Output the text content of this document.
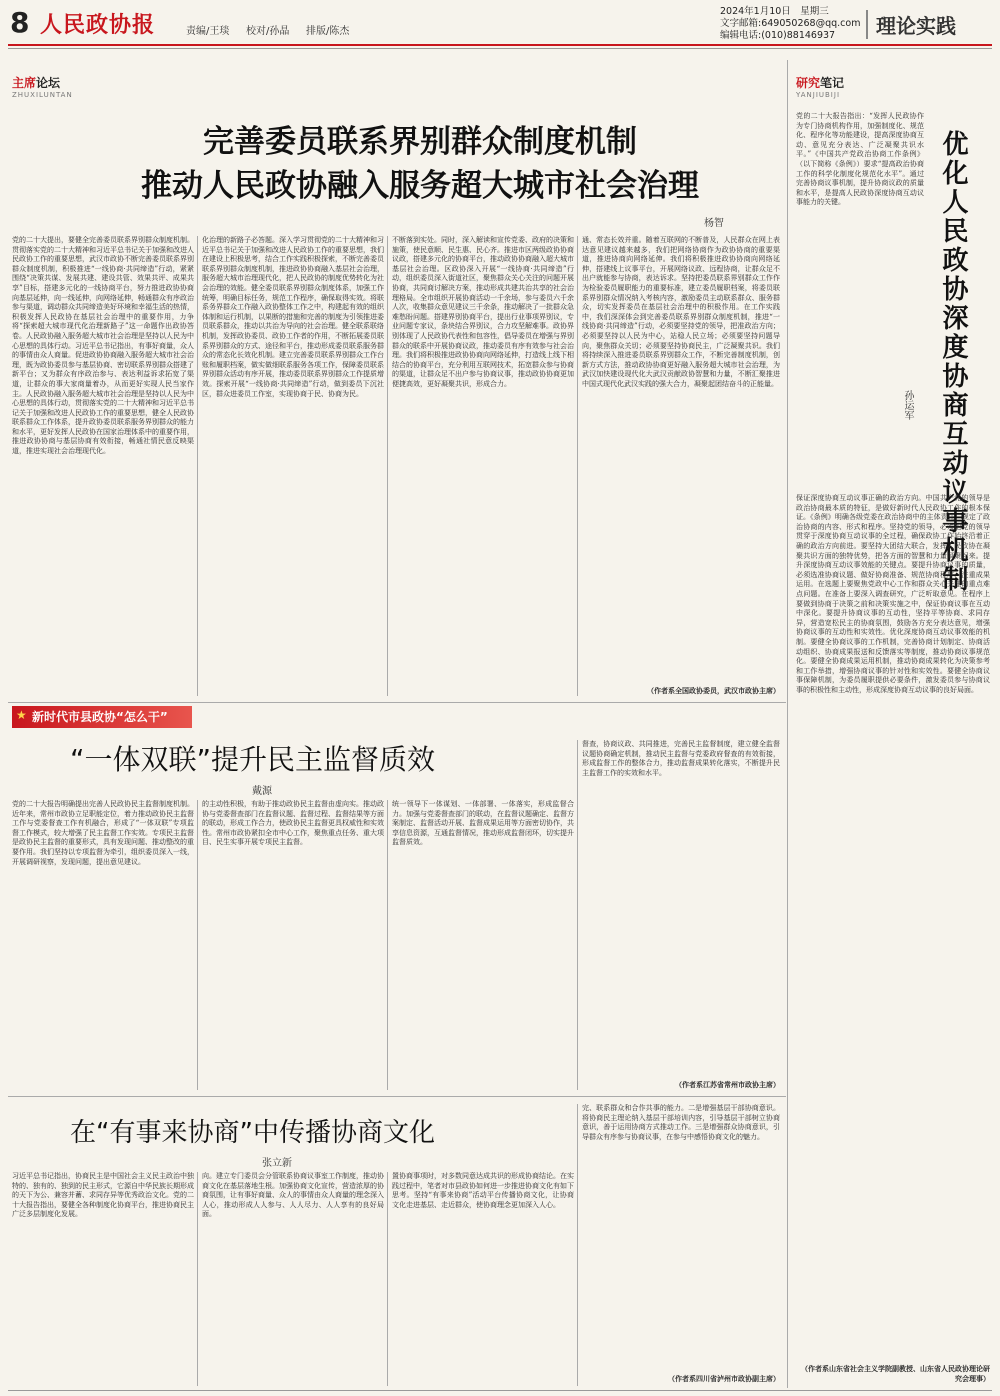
8 人民政协报	责编/王琰 校对/孙晶 排版/陈杰
2024年1月10日　星期三
文字邮箱:649050268@qq.com
编辑电话:(010)88146937	理论实践
主席论坛
ZHUXILUNTAN
研究笔记
YANJIUBIJI
完善委员联系界别群众制度机制
推动人民政协融入服务超大城市社会治理
杨智
党的二十大提出，要健全完善委员联系界别群众制度机制。贯彻落实党的二十大精神和习近平总书记关于加强和改进人民政协工作的重要思想，武汉市政协不断完善委员联系界别群众制度机制，积极推进“一线协商·共同缔造”行动，紧紧围绕“决策共谋、发展共建、建设共管、效果共评、成果共享”目标，搭建多元化的一线协商平台，努力推进政协协商向基层延伸，向一线延伸，向网络延伸，畅通群众有序政治参与渠道，调动群众共同缔造美好环境和幸福生活的热情，积极发挥人民政协在基层社会治理中的重要作用，力争将“探索超大城市现代化治理新路子”这一命题作出政协答卷。人民政协融入服务超大城市社会治理是坚持以人民为中心思想的具体行动。习近平总书记指出，有事好商量，众人的事情由众人商量。促进政协协商融入服务超大城市社会治理，既为政协委员参与基层协商、密切联系界别群众搭建了新平台；又为群众有序政治参与、表达利益诉求拓宽了渠道，让群众的事大家商量着办，从而更好实现人民当家作主。人民政协融入服务超大城市社会治理是坚持以人民为中心思想的具体行动，贯彻落实党的二十大精神和习近平总书记关于加强和改进人民政协工作的重要思想，健全人民政协联系群众工作体系，提升政协委员联系服务界别群众的能力和水平，更好发挥人民政协在国家治理体系中的重要作用，推进政协协商与基层协商有效衔接，畅通社情民意反映渠道，推进实现社会治理现代化。
化治理的新路子必答题。深入学习贯彻党的二十大精神和习近平总书记关于加强和改进人民政协工作的重要思想，我们在建设上积极思考，结合工作实践积极探索，不断完善委员联系界别群众制度机制，推进政协协商融入基层社会治理，服务超大城市治理现代化，把人民政协的制度优势转化为社会治理的效能。健全委员联系界别群众制度体系，加强工作统筹，明确目标任务，规范工作程序，确保取得实效。将联系务界群众工作融入政协整体工作之中，构建起有效的组织体制和运行机制，以果断的措施和完善的制度为引领推进委员联系群众，推动以共治为导向的社会治理。健全联系联络机制，发挥政协委员、政协工作者的作用，不断拓展委员联系界别群众的方式、途径和平台，推动形成委员联系服务群众的常态化长效化机制。建立完善委员联系界别群众工作台账和履职档案，做实做细联系服务各项工作，保障委员联系界别群众活动有序开展，推动委员联系界别群众工作提质增效。探索开展“一线协商·共同缔造”行动，做到委员下沉社区，群众进委员工作室，实现协商于民、协商为民。
不断落到实处。同时，深入解读和宣传党委、政府的决策和施策，使民意顺、民生惠、民心齐。推进市区两级政协协商议政，搭建多元化的协商平台，推动政协协商融入超大城市基层社会治理。区政协深入开展“一线协商·共同缔造”行动，组织委员深入街道社区，聚焦群众关心关注的问题开展协商，共同商讨解决方案，推动形成共建共治共享的社会治理格局。全市组织开展协商活动一千余场，参与委员六千余人次，收集群众意见建议三千余条，推动解决了一批群众急难愁盼问题。搭建界别协商平台，提出行业事项界别议，专业问题专家议，条块结合界别议，合力攻坚解难事。政协界别体现了人民政协代表性和包容性，倡导委员在增强与界别群众的联系中开展协商议政，推动委员有序有效参与社会治理。我们将积极推进政协协商向网络延伸，打造线上线下相结合的协商平台，充分利用互联网技术，拓宽群众参与协商的渠道，让群众足不出户参与协商议事，推动政协协商更加便捷高效，更好凝聚共识，形成合力。
通、常态长效并重。随着互联网的不断普及，人民群众在网上表达意见建议越来越多，我们把网络协商作为政协协商的重要渠道，推进协商向网络延伸。我们将积极推进政协协商向网络延伸，搭建线上议事平台，开展网络议政、远程协商，让群众足不出户就能参与协商，表达诉求。坚持把委员联系界别群众工作作为检验委员履职能力的重要标准，建立委员履职档案，将委员联系界别群众情况纳入考核内容，激励委员主动联系群众、服务群众，切实发挥委员在基层社会治理中的积极作用。在工作实践中，我们深深体会到完善委员联系界别群众制度机制，推进“一线协商·共同缔造”行动，必须要坚持党的领导，把准政治方向；必须要坚持以人民为中心，站稳人民立场；必须要坚持问题导向，聚焦群众关切；必须要坚持协商民主，广泛凝聚共识。我们将持续深入推进委员联系界别群众工作，不断完善制度机制，创新方式方法，推动政协协商更好融入服务超大城市社会治理，为武汉加快建设现代化大武汉贡献政协智慧和力量，不断汇聚推进中国式现代化武汉实践的强大合力，凝聚起团结奋斗的正能量。
（作者系全国政协委员，武汉市政协主席）
优化人民政协深度协商互动议事机制
孙运军
党的二十大报告指出：“发挥人民政协作为专门协商机构作用，加强制度化、规范化、程序化等功能建设，提高深度协商互动、意见充分表达、广泛凝聚共识水平。”《中国共产党政治协商工作条例》（以下简称《条例》）要求“提高政治协商工作的科学化制度化规范化水平”。通过完善协商议事机制，提升协商议政的质量和水平，是提高人民政协深度协商互动议事能力的关键。
保证深度协商互动议事正确的政治方向。中国共产党的领导是政治协商最本质的特征，是做好新时代人民政协工作的根本保证。《条例》明确各级党委在政治协商中的主体责任，规定了政治协商的内容、形式和程序。坚持党的领导，必须把党的领导贯穿于深度协商互动议事的全过程，确保政协工作始终沿着正确的政治方向前进。要坚持大团结大联合，发挥人民政协在凝聚共识方面的独特优势，把各方面的智慧和力量凝聚起来。提升深度协商互动议事效能的关键点。要提升协商议事的质量，必须选准协商议题、做好协商准备、规范协商程序、注重成果运用。在选题上要聚焦党政中心工作和群众关心关注的重点难点问题。在准备上要深入调查研究，广泛听取意见。在程序上要做到协商于决策之前和决策实施之中，保证协商议事在互动中深化。要提升协商议事的互动性，坚持平等协商、求同存异，营造宽松民主的协商氛围，鼓励各方充分表达意见，增强协商议事的互动性和实效性。优化深度协商互动议事效能的机制。要健全协商议事的工作机制，完善协商计划制定、协商活动组织、协商成果报送和反馈落实等制度，推动协商议事规范化。要健全协商成果运用机制，推动协商成果转化为决策参考和工作举措，增强协商议事的针对性和实效性。要健全协商议事保障机制，为委员履职提供必要条件，激发委员参与协商议事的积极性和主动性，形成深度协商互动议事的良好局面。
（作者系山东省社会主义学院副教授、山东省人民政协理论研究会理事）
★ 新时代市县政协“怎么干”
“一体双联”提升民主监督质效
戴源
党的二十大报告明确提出完善人民政协民主监督制度机制。近年来，常州市政协立足职能定位，着力推动政协民主监督工作与党委督查工作有机融合，形成了“一体双联”专项监督工作模式，较大增强了民主监督工作实效。专项民主监督是政协民主监督的重要形式，具有发现问题、推动整改的重要作用。我们坚持以专项监督为牵引，组织委员深入一线，开展调研视察，发现问题，提出意见建议。
的主动性积极，有助于推动政协民主监督由虚向实。推动政协与党委督查部门在监督议题、监督过程、监督结果等方面的联动，形成工作合力，使政协民主监督更具权威性和实效性。常州市政协紧扣全市中心工作，聚焦重点任务、重大项目、民生实事开展专项民主监督。
统一领导下一体谋划、一体部署、一体落实，形成监督合力。加强与党委督查部门的联动，在监督议题确定、监督方案制定、监督活动开展、监督成果运用等方面密切协作，共享信息资源，互通监督情况，推动形成监督闭环，切实提升监督质效。
督查，协商议政、共同推进，完善民主监督制度，建立健全监督议题协商确定机制，推动民主监督与党委政府督查的有效衔接，形成监督工作的整体合力，推动监督成果转化落实，不断提升民主监督工作的实效和水平。
（作者系江苏省常州市政协主席）
在“有事来协商”中传播协商文化
张立新
习近平总书记指出，协商民主是中国社会主义民主政治中独特的、独有的、独到的民主形式，它源自中华民族长期形成的天下为公、兼容并蓄、求同存异等优秀政治文化。党的二十大报告指出，要健全各种制度化协商平台，推进协商民主广泛多层制度化发展。
向。建立专门委员会分管联系协商议事室工作制度，推动协商文化在基层落地生根。加强协商文化宣传，营造浓厚的协商氛围，让有事好商量、众人的事情由众人商量的理念深入人心，推动形成人人参与、人人尽力、人人享有的良好局面。
置协商事项时，对多数同意达成共识的形成协商结论。在实践过程中，笔者对市县政协如何进一步推进协商文化有如下思考。坚持“有事来协商”活动平台传播协商文化，让协商文化走进基层、走近群众，使协商理念更加深入人心。
完、联系群众和合作共事的能力。二是增强基层干部协商意识。将协商民主理论纳入基层干部培训内容，引导基层干部树立协商意识，善于运用协商方式推动工作。三是增强群众协商意识，引导群众有序参与协商议事，在参与中感悟协商文化的魅力。
（作者系四川省泸州市政协副主席）
